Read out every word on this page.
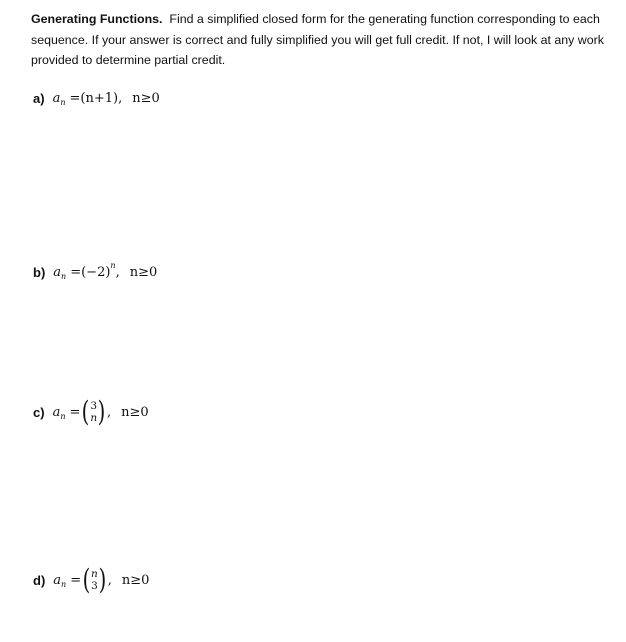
Generating Functions. Find a simplified closed form for the generating function corresponding to each sequence. If your answer is correct and fully simplified you will get full credit. If not, I will look at any work provided to determine partial credit.
a) a n = (n+1), n≥0
b) a n = (−2) n , n≥0
c) a n = ( 3
n ) , n≥0
d) a n = ( n
3 ) , n≥0
